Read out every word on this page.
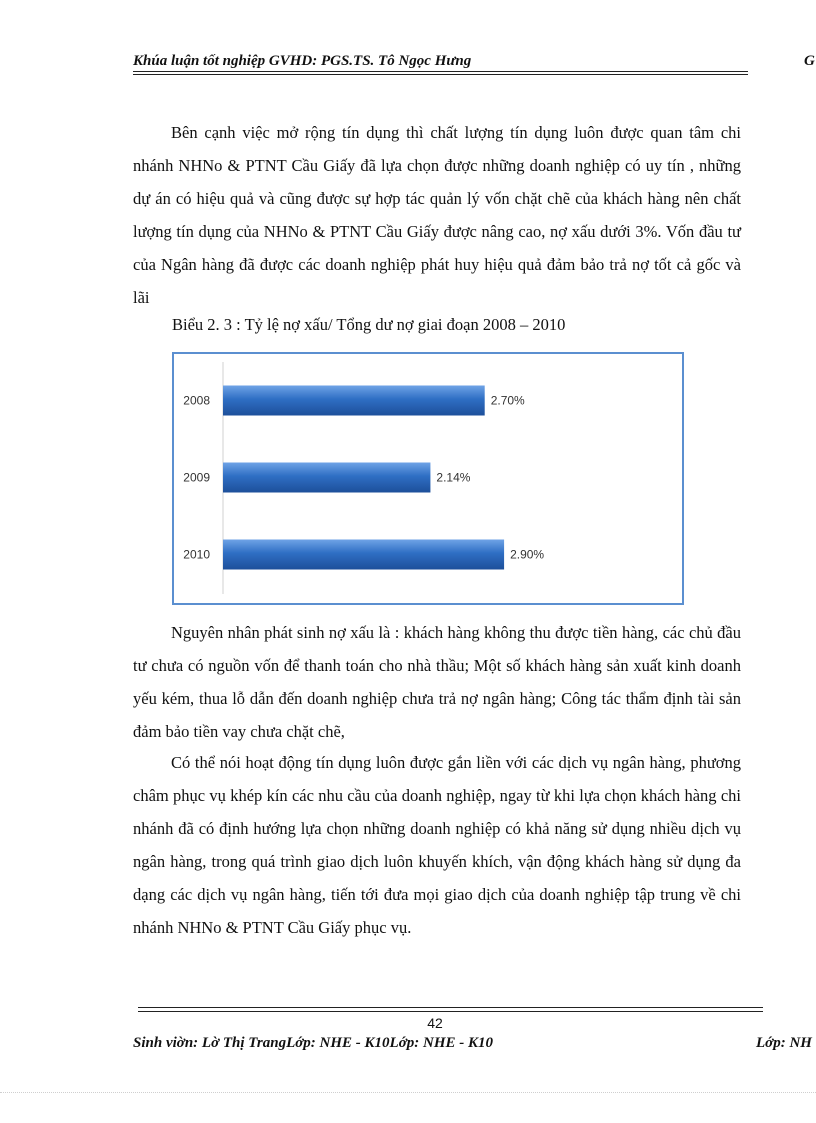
Khúa luận tốt nghiệp GVHD: PGS.TS. Tô Ngọc Hưng	G
Bên cạnh việc mở rộng tín dụng thì chất lượng tín dụng luôn được quan tâm chi nhánh NHNo & PTNT Cầu Giấy đã lựa chọn được những doanh nghiệp có uy tín , những dự án có hiệu quả và cũng được sự hợp tác quản lý vốn chặt chẽ của khách hàng nên chất lượng tín dụng của NHNo & PTNT Cầu Giấy được nâng cao, nợ xấu dưới 3%. Vốn đầu tư của Ngân hàng đã được các doanh nghiệp phát huy hiệu quả đảm bảo trả nợ tốt cả gốc và lãi
Biểu 2. 3 : Tỷ lệ nợ xấu/ Tổng dư nợ giai đoạn 2008 – 2010
2008	2.70%
2009	2.14%
2010	2.90%
Nguyên nhân phát sinh nợ xấu là : khách hàng không thu được tiền hàng, các chủ đầu tư chưa có nguồn vốn để thanh toán cho nhà thầu; Một số khách hàng sản xuất kinh doanh yếu kém, thua lỗ dẫn đến doanh nghiệp chưa trả nợ ngân hàng; Công tác thẩm định tài sản đảm bảo tiền vay chưa chặt chẽ,
Có thể nói hoạt động tín dụng luôn được gắn liền với các dịch vụ ngân hàng, phương châm phục vụ khép kín các nhu cầu của doanh nghiệp, ngay từ khi lựa chọn khách hàng chi nhánh đã có định hướng lựa chọn những doanh nghiệp có khả năng sử dụng nhiều dịch vụ ngân hàng, trong quá trình giao dịch luôn khuyến khích, vận động khách hàng sử dụng đa dạng các dịch vụ ngân hàng, tiến tới đưa mọi giao dịch của doanh nghiệp tập trung về chi nhánh NHNo & PTNT Cầu Giấy phục vụ.
42
Sinh viờn: Lờ Thị TrangLớp: NHE - K10Lớp: NHE - K10	Lớp: NH
